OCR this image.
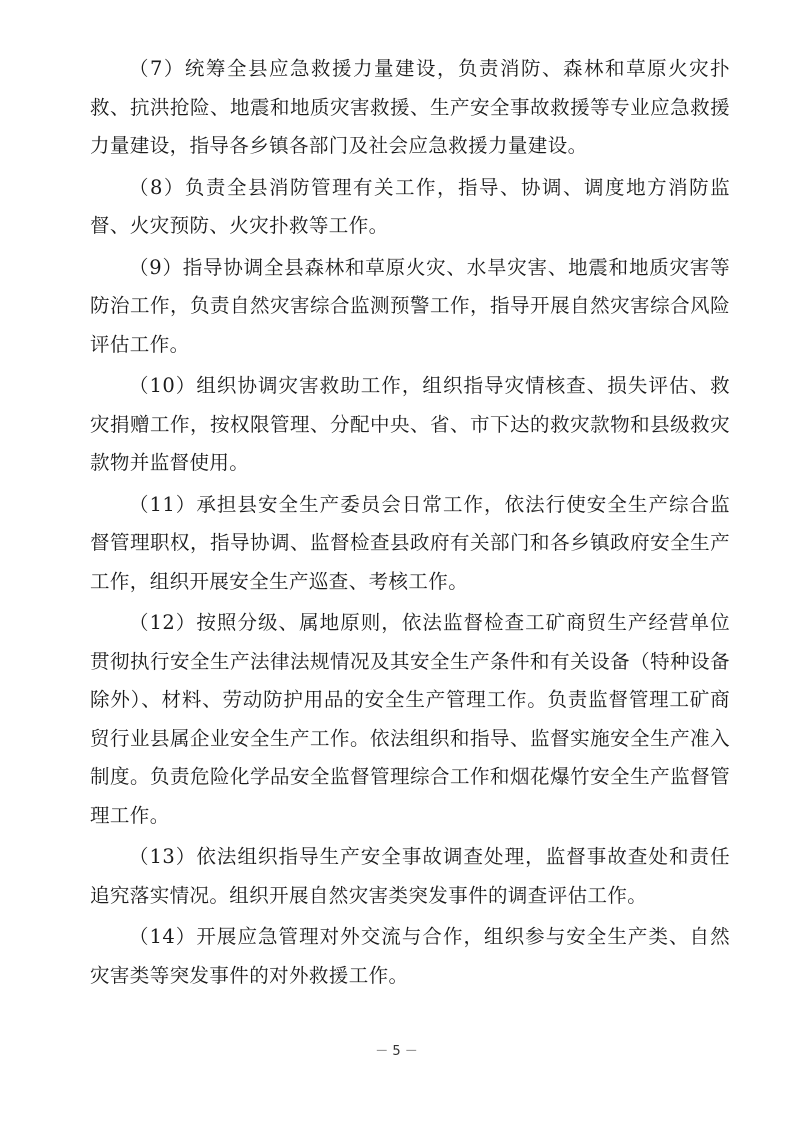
（7）统筹全县应急救援力量建设，负责消防、森林和草原火灾扑救、抗洪抢险、地震和地质灾害救援、生产安全事故救援等专业应急救援力量建设，指导各乡镇各部门及社会应急救援力量建设。

（8）负责全县消防管理有关工作，指导、协调、调度地方消防监督、火灾预防、火灾扑救等工作。

（9）指导协调全县森林和草原火灾、水旱灾害、地震和地质灾害等防治工作，负责自然灾害综合监测预警工作，指导开展自然灾害综合风险评估工作。

（10）组织协调灾害救助工作，组织指导灾情核查、损失评估、救灾捐赠工作，按权限管理、分配中央、省、市下达的救灾款物和县级救灾款物并监督使用。

（11）承担县安全生产委员会日常工作，依法行使安全生产综合监督管理职权，指导协调、监督检查县政府有关部门和各乡镇政府安全生产工作，组织开展安全生产巡查、考核工作。

（12）按照分级、属地原则，依法监督检查工矿商贸生产经营单位贯彻执行安全生产法律法规情况及其安全生产条件和有关设备（特种设备除外）、材料、劳动防护用品的安全生产管理工作。负责监督管理工矿商贸行业县属企业安全生产工作。依法组织和指导、监督实施安全生产准入制度。负责危险化学品安全监督管理综合工作和烟花爆竹安全生产监督管理工作。

（13）依法组织指导生产安全事故调查处理，监督事故查处和责任追究落实情况。组织开展自然灾害类突发事件的调查评估工作。

（14）开展应急管理对外交流与合作，组织参与安全生产类、自然灾害类等突发事件的对外救援工作。

－ 5 －
